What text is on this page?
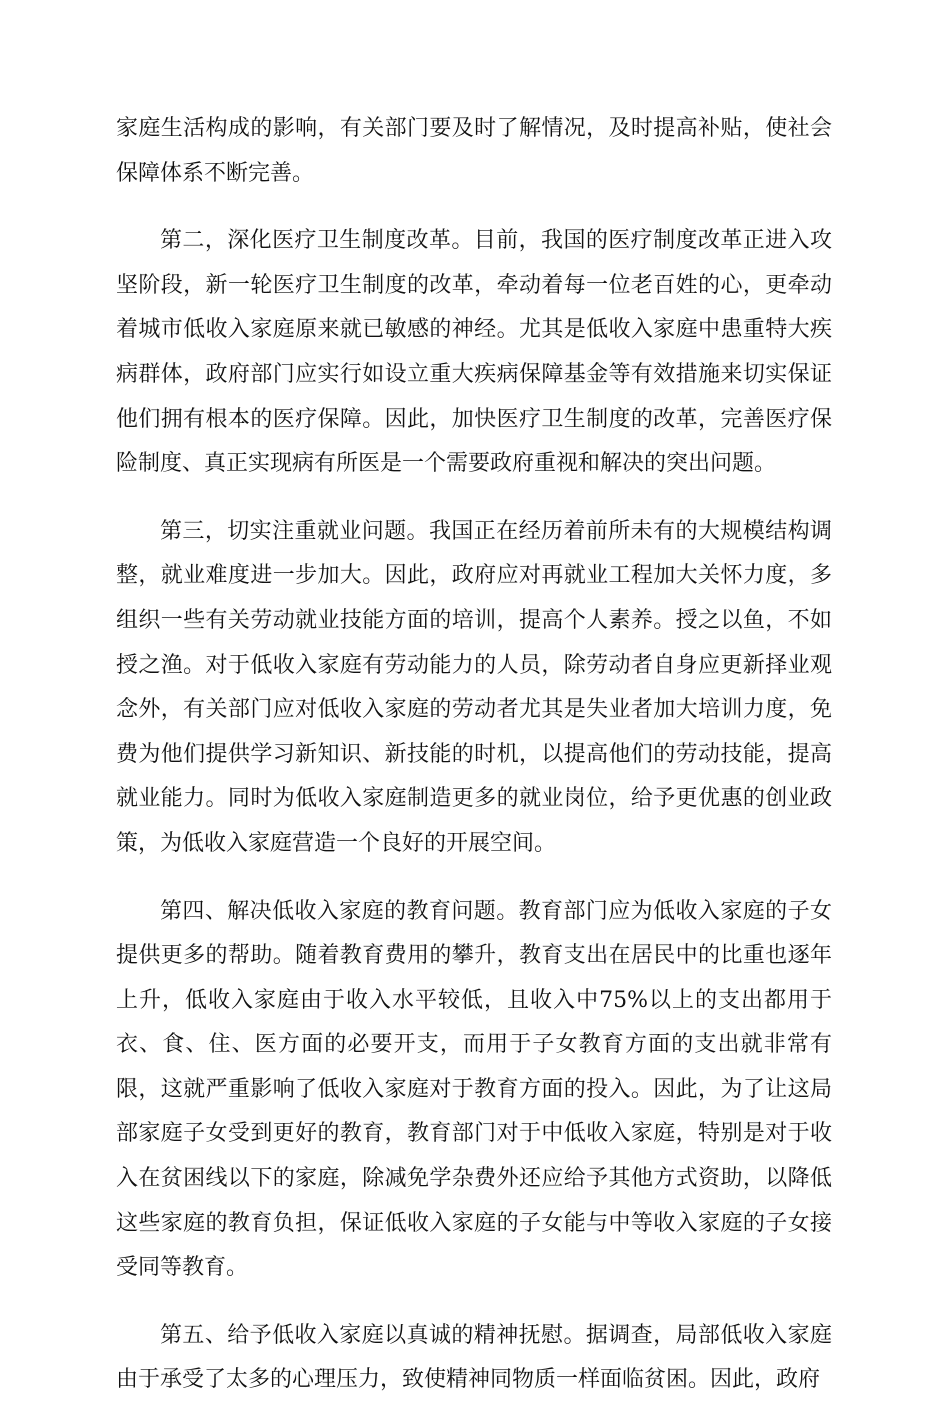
家庭生活构成的影响，有关部门要及时了解情况，及时提高补贴，使社会保障体系不断完善。

第二，深化医疗卫生制度改革。目前，我国的医疗制度改革正进入攻坚阶段，新一轮医疗卫生制度的改革，牵动着每一位老百姓的心，更牵动着城市低收入家庭原来就已敏感的神经。尤其是低收入家庭中患重特大疾病群体，政府部门应实行如设立重大疾病保障基金等有效措施来切实保证他们拥有根本的医疗保障。因此，加快医疗卫生制度的改革，完善医疗保险制度、真正实现病有所医是一个需要政府重视和解决的突出问题。

第三，切实注重就业问题。我国正在经历着前所未有的大规模结构调整，就业难度进一步加大。因此，政府应对再就业工程加大关怀力度，多组织一些有关劳动就业技能方面的培训，提高个人素养。授之以鱼，不如授之渔。对于低收入家庭有劳动能力的人员，除劳动者自身应更新择业观念外，有关部门应对低收入家庭的劳动者尤其是失业者加大培训力度，免费为他们提供学习新知识、新技能的时机，以提高他们的劳动技能，提高就业能力。同时为低收入家庭制造更多的就业岗位，给予更优惠的创业政策，为低收入家庭营造一个良好的开展空间。

第四、解决低收入家庭的教育问题。教育部门应为低收入家庭的子女提供更多的帮助。随着教育费用的攀升，教育支出在居民中的比重也逐年上升，低收入家庭由于收入水平较低，且收入中75%以上的支出都用于衣、食、住、医方面的必要开支，而用于子女教育方面的支出就非常有限，这就严重影响了低收入家庭对于教育方面的投入。因此，为了让这局部家庭子女受到更好的教育，教育部门对于中低收入家庭，特别是对于收入在贫困线以下的家庭，除减免学杂费外还应给予其他方式资助，以降低这些家庭的教育负担，保证低收入家庭的子女能与中等收入家庭的子女接受同等教育。

第五、给予低收入家庭以真诚的精神抚慰。据调查，局部低收入家庭由于承受了太多的心理压力，致使精神同物质一样面临贫困。因此，政府
